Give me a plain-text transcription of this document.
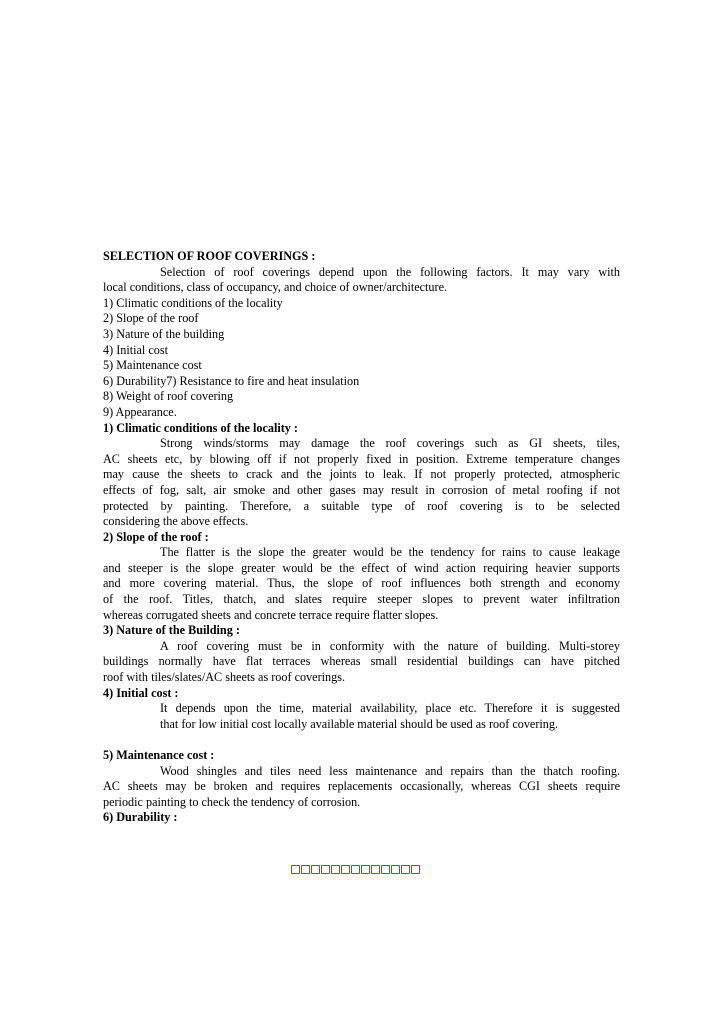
SELECTION OF ROOF COVERINGS :
Selection of roof coverings depend upon the following factors. It may vary with
local conditions, class of occupancy, and choice of owner/architecture.
1) Climatic conditions of the locality
2) Slope of the roof
3) Nature of the building
4) Initial cost
5) Maintenance cost
6) Durability7) Resistance to fire and heat insulation
8) Weight of roof covering
9) Appearance.
1) Climatic conditions of the locality :
Strong winds/storms may damage the roof coverings such as GI sheets, tiles,
AC sheets etc, by blowing off if not properly fixed in position. Extreme temperature changes
may cause the sheets to crack and the joints to leak. If not properly protected, atmospheric
effects of fog, salt, air smoke and other gases may result in corrosion of metal roofing if not
protected by painting. Therefore, a suitable type of roof covering is to be selected
considering the above effects.
2) Slope of the roof :
The flatter is the slope the greater would be the tendency for rains to cause leakage
and steeper is the slope greater would be the effect of wind action requiring heavier supports
and more covering material. Thus, the slope of roof influences both strength and economy
of the roof. Titles, thatch, and slates require steeper slopes to prevent water infiltration
whereas corrugated sheets and concrete terrace require flatter slopes.
3) Nature of the Building :
A roof covering must be in conformity with the nature of building. Multi-storey
buildings normally have flat terraces whereas small residential buildings can have pitched
roof with tiles/slates/AC sheets as roof coverings.
4) Initial cost :
It depends upon the time, material availability, place etc. Therefore it is suggested
that for low initial cost locally available material should be used as roof covering.
5) Maintenance cost :
Wood shingles and tiles need less maintenance and repairs than the thatch roofing.
AC sheets may be broken and requires replacements occasionally, whereas CGI sheets require
periodic painting to check the tendency of corrosion.
6) Durability :
